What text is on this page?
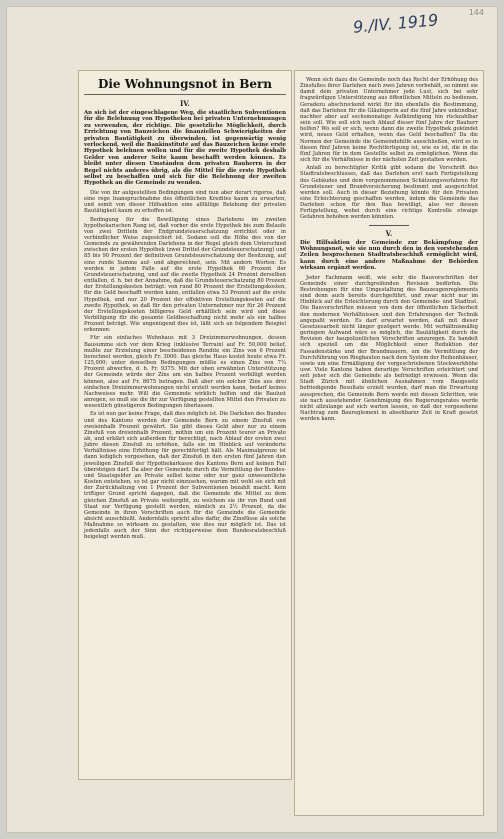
144
9./IV. 1919
Die Wohnungsnot in Bern
IV.
An sich ist der eingeschlagene Weg, die staatlichen Subventionen für die Belehnung von Hypotheken bei privaten Unternehmungen zu verwenden, der richtige. Die gesetzliche Möglichkeit, durch Errichtung von Bauzeichen die finanziellen Schwierigkeiten der privaten Bautätigkeit zu überwinden, ist gegenwärtig wenig verlockend, weil die Bankinstitute auf das Bauzeichen keine erste Hypothek belehnen wollen und für die zweite Hypothek deshalb Gelder von anderer Seite kaum beschafft werden können. Es bleibt unter diesen Umständen dem privaten Bauherrn in der Regel nichts anderes übrig, als die Mittel für die erste Hypothek selbst zu beschaffen und sich für die Belehnung der zweiten Hypothek an die Gemeinde zu wenden.

Die von ihr aufgestellten Bedingungen sind nun aber derart rigoros, daß eine rege Inanspruchnahme des öffentlichen Kredites kaum zu erwarten, und somit von dieser Hilfsaktion eine allfällige Belebung der privaten Bautätigkeit kaum zu erhoffen ist.

Bedingung für die Bewilligung eines Darlehens im zweiten hypothekarischen Rang ist, daß vorher die erste Hypothek bis zum Belaufe von zwei Dritteln der Endgrundsteuerschatzung errichtet oder in verbindlicher Weise zugesichert ist. Sodann soll die Höhe des von der Gemeinde zu gewährenden Darlehens in der Regel gleich dem Unterschied zwischen der ersten Hypothek (zwei Drittel der Grundsteuerschatzung) und 85 bis 90 Prozent der definitiven Grundsteuerschatzung der Besitzung, auf eine runde Summe auf- und abgerechnet, sein. Mit andern Worten: Es werden in jedem Falle auf die erste Hypothek 66 Prozent der Grundsteuerschatzung, und auf die zweite Hypothek 24 Prozent derselben entfallen, d. h. bei der Annahme, daß die Grundsteuerschatzung 80 Prozent der Erstellungskosten beträgt: von rund 80 Prozent der Erstellungskosten, für die Geld beschafft werden kann, entfallen etwa 53 Prozent auf die erste Hypothek, und nur 20 Prozent der effektiven Erstellungskosten auf die zweite Hypothek, so daß für den privaten Unternehmer nur für 26 Prozent der Erstellungskosten billigeres Geld erhältlich sein wird und diese Verbilligung für die gesamte Geldbeschaffung nicht mehr als ein halbes Prozent beträgt. Wie ungenügend dies ist, läßt sich an folgendem Beispiel erkennen:

Für ein einfaches Wohnhaus mit 3 Dreizimmerwohnungen, dessen Bausumme sich vor dem Krieg (inklusive Terrain) auf Fr. 50,000 belief, mußte zur Erzielung einer bescheidenen Rendite ein Zins von 6 Prozent berechnet werden, gleich Fr. 3000. Das gleiche Haus kostet heute etwa Fr. 125,000; unter denselben Bedingungen müßte es einen Zins von 7¼ Prozent abwerfen, d. h. Fr. 9375. Mit der oben erwähnten Unterstützung der Gemeinde würde der Zins um ein halbes Prozent verbilligt werden können, also auf Fr. 8675 betragen. Daß aber ein solcher Zins aus drei einfachen Dreizimmerwohnungen nicht erzielt werden kann, bedarf keines Nachweises mehr. Will die Gemeinde wirklich helfen und die Baulust anregen, so muß sie die ihr zur Verfügung gestellten Mittel den Privaten zu wesentlich günstigeren Bedingungen überlassen.

Es ist nun gar keine Frage, daß dies möglich ist. Die Darlehen des Bundes und des Kantons werden der Gemeinde Bern zu einem Zinsfuß von zweieinhalb Prozent gewährt. Sie gibt dieses Geld aber nur zu einem Zinsfuß von dreieinhalb Prozent, mithin um ein Prozent teurer an Private ab, und erklärt sich außerdem für berechtigt, nach Ablauf der ersten zwei Jahre diesen Zinsfuß zu erhöhen, falls sie im Hinblick auf veränderte Verhältnisse eine Erhöhung für gerechtfertigt hält. Als Maximalgrenze ist dann lediglich vorgesehen, daß der Zinsfuß in den ersten fünf Jahren den jeweiligen Zinsfuß der Hypothekarkasse des Kantons Bern auf keinen Fall übersteigen darf. Da aber der Gemeinde durch die Vermittlung der Bundes- und Staatsgelder an Private selbst keine oder nur ganz unwesentliche Kosten entstehen, so ist gar nicht einzusehen, warum mit wohl sie sich mit der Zurückhaltung von 1 Prozent der Subventionen bezahlt macht. Kein triftiger Grund spricht dagegen, daß die Gemeinde die Mittel zu dem gleichen Zinsfuß an Private weitergibt, zu welchem sie ihr von Bund und Staat zur Verfügung gestellt werden, nämlich zu 2½ Prozent, da die Gemeinde in ihren Vorschriften auch für die Gemeinde die Gemeinde absicht ausschließt. Andernfalls spricht alles dafür, die Zinsfüsse als solche Maßnahme so wirksam zu gestalten, wie dies nur möglich ist. Das ist jedenfalls auch der Sinn der richtigerweise dem Bundesratsbeschluß beigelegt werden muß.

Wenn sich dazu die Gemeinde noch das Recht der Erhöhung des Zinsfußes ihrer Darlehen nach zwei Jahren vorbehält, so nimmt sie damit dem privaten Unternehmer jede Lust, sich bei sehr fragwürdigen Unterstützung aus öffentlichen Mitteln zu bedienen. Geradezu abschreckend wirkt für ihn ebenfalls die Bestimmung, daß das Darlehen für die Gläubigerin auf die fünf Jahre unkündbar, nachher aber auf sechsmonatige Aufkündigung hin rückzahlbar sein soll. Wie soll sich nach Ablauf dieser fünf Jahre der Bauherr helfen? Wo soll er sich, wenn dann die zweite Hypothek gekündet wird, neues Geld erhalten, wenn das Geld beschaffen? Da die Normen der Gemeinde die Gemeindehilfe ausschließen, wird es in diesen fünf Jahren keine Rechtfertigung ist, wie es ist, die in die fünf Jahren für in dem Gestellte selbst zu ermöglichen. Wenn die sich für die Verhältnisse in der nächsten Zeit gestalten werden.

Anlaß zu berechtigter Kritik gibt sodann die Vorschrift des Stadtratsbeschlusses, daß das Darlehen erst nach Fertigstellung des Gebäudes und dem vorgenommenen Schätzungsverfahren für Grundsteuer und Brandversicherung bestimmt und ausgerichtet werden soll. Auch in dieser Beziehung könnte für den Privaten eine Erleichterung geschaffen werden, indem die Gemeinde das Darlehen schon für den Bau bewilligt, also vor dessen Fertigstellung, wobei durch eine richtige Kontrolle etwaige Gefahren behoben werden könnten.

V.
Die Hilfsaktion der Gemeinde zur Bekämpfung der Wohnungsnot, wie sie nun durch den in den vorstehenden Zeilen besprochenen Stadtratsbeschluß ermöglicht wird, kann durch eine andere Maßnahme der Behörden wirksam ergänzt werden.

Jeder Fachmann weiß, wie sehr die Bauvorschriften der Gemeinde einer durchgreifenden Revision bedürfen. Die Bestrebungen für eine Umgestaltung des Bauzeugenreglements sind denn auch bereits durchgeführt, und zwar nicht nur im Hinblick auf die Erleichterung durch den Gemeinde- und Stadtrat. Die Bauvorschriften müssen von dem der öffentlichen Sicherheit den modernen Verhältnissen und den Erfahrungen der Technik angepaßt werden. Es darf erwartet werden, daß mit dieser Gesetzesarbeit nicht länger gezögert werde. Mit verhältnismäßig geringem Aufwand wäre es möglich, die Bautätigkeit durch die Revision der baupolizeilichen Vorschriften anzuregen. Es handelt sich speziell um die Möglichkeit einer Reduktion der Fassadenstärke und der Brandmauern, um die Vermittlung der Durchführung von Riegbauten nach dem System der Reihenhäuser, sowie um eine Ermäßigung der vorgeschriebenen Stockwerkhöhe usw. Viele Kantone haben derartige Vorschriften erleichtert und seit jeher sich die Gemeinde als befriedigt erwiesen. Wenn die Stadt Zürich mit ähnlichen Ausnahmen vom Baugesetz befriedigende Resultate erzielt wurden, darf man die Erwartung aussprechen, die Gemeinde Bern werde mit diesen Schritten, wie sie nach ausstehender Genehmigung des Regierungsrates werde nicht allzulange auf sich warten lassen, so daß der vorgesehene Nachtrag zum Baureglement in absehbarer Zeit in Kraft gesetzt werden kann.
